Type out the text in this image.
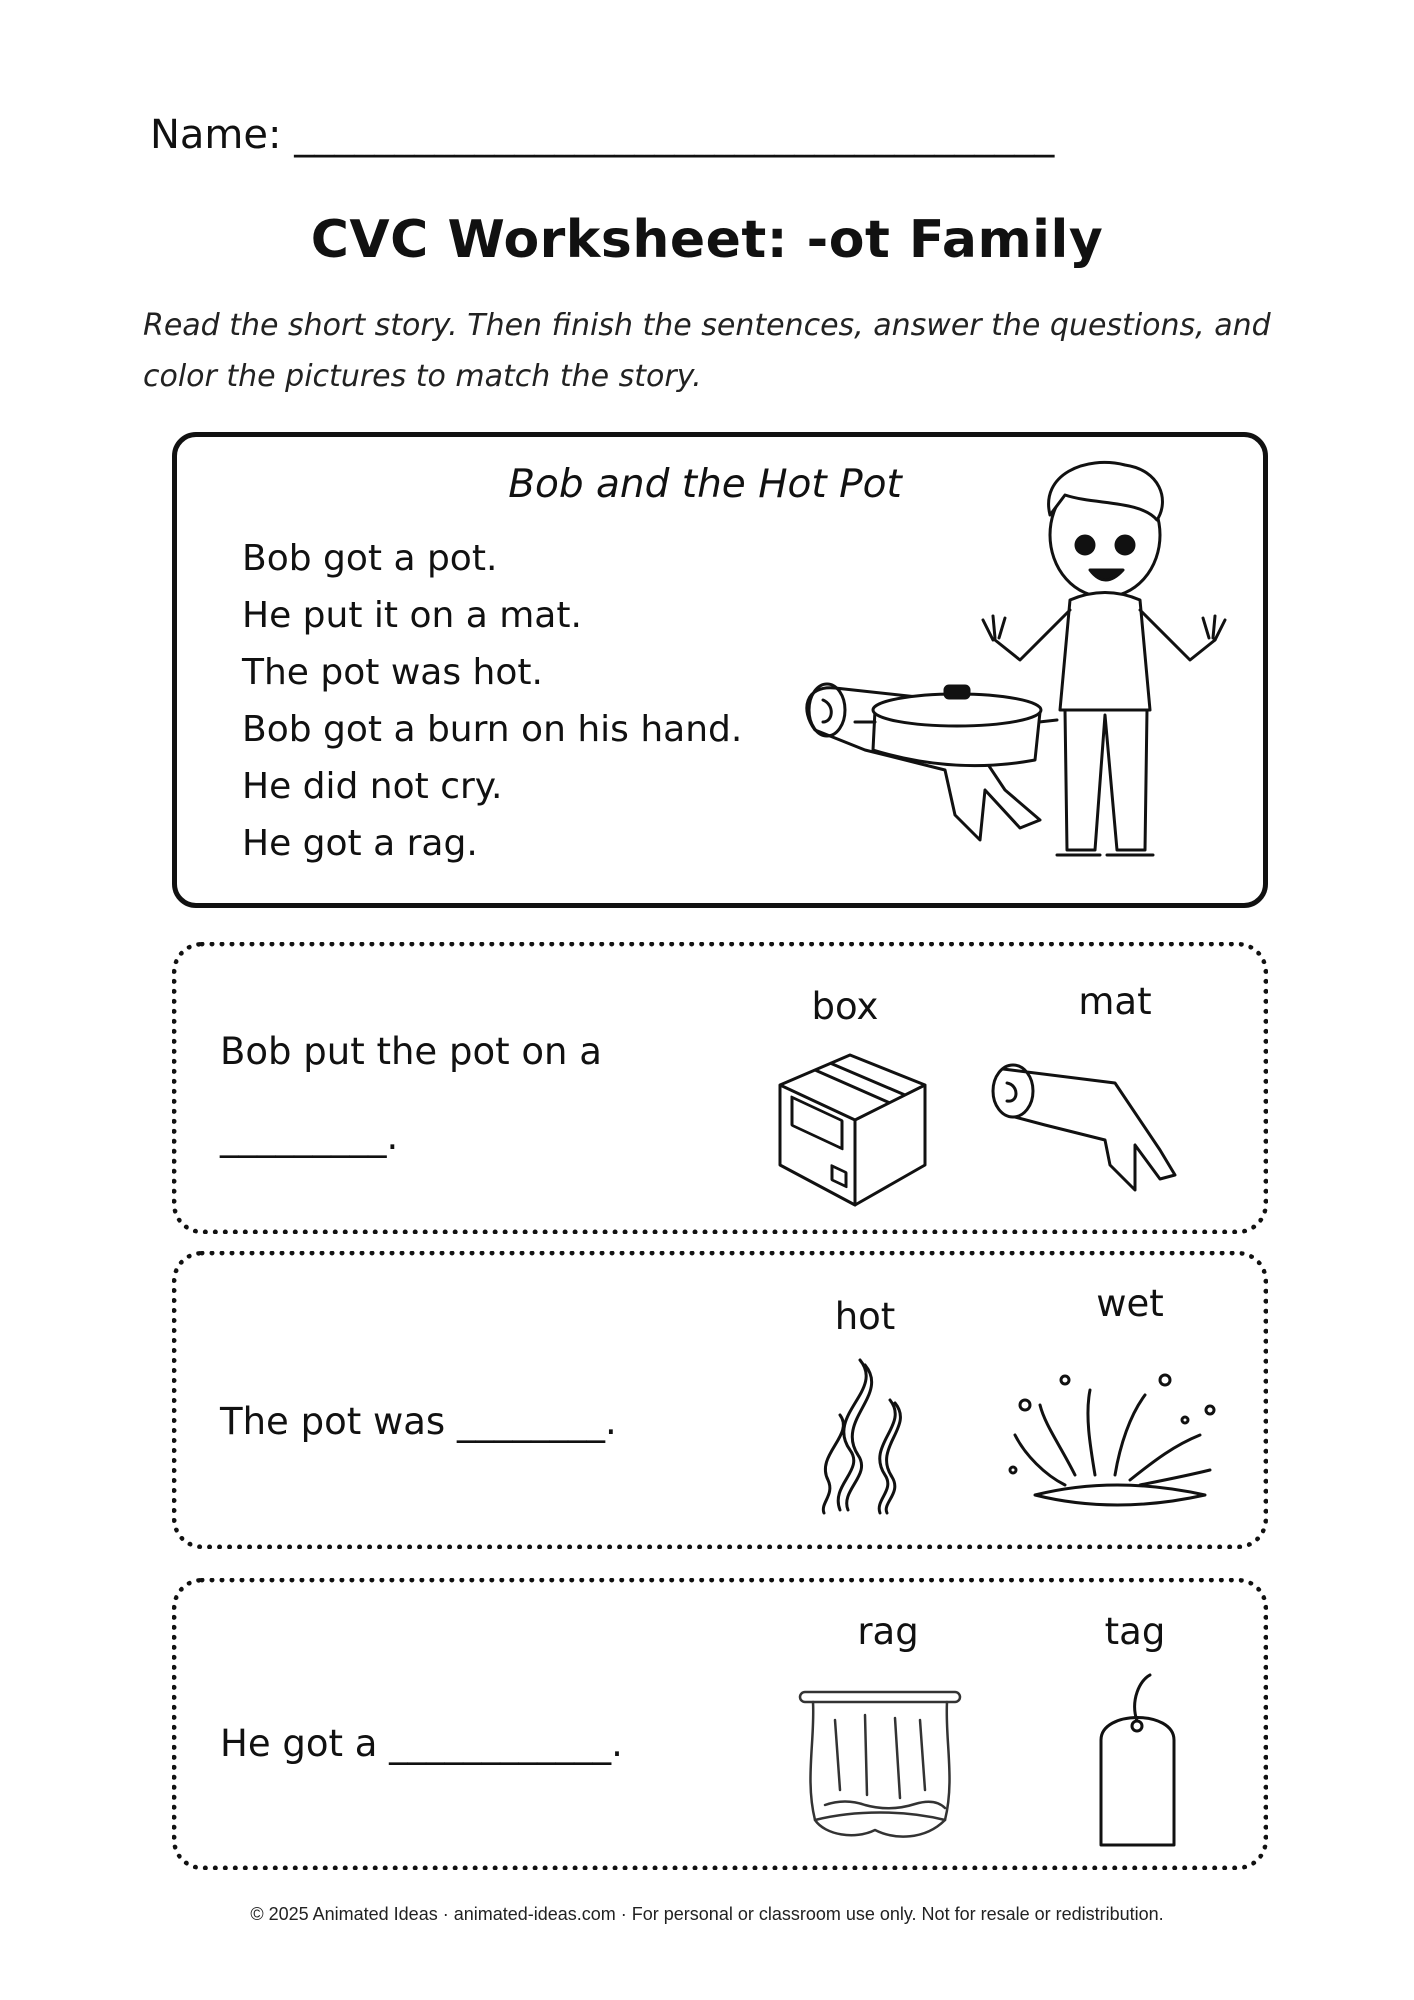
Name: ______________________________________
CVC Worksheet: -ot Family
Read the short story. Then finish the sentences, answer the questions, and color the pictures to match the story.
Bob and the Hot Pot
Bob got a pot.
He put it on a mat.
The pot was hot.
Bob got a burn on his hand.
He did not cry.
He got a rag.
Bob put the pot on a
_________.
box	mat
The pot was ________.
hot	wet
He got a ____________.
rag	tag
© 2025 Animated Ideas · animated-ideas.com · For personal or classroom use only. Not for resale or redistribution.
